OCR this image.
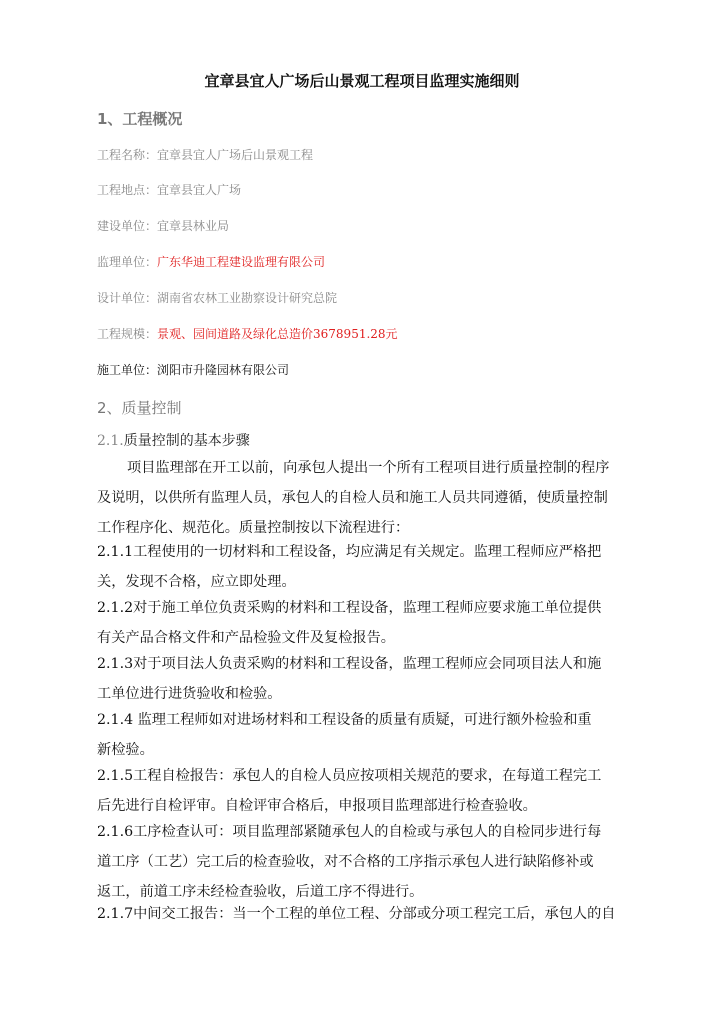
宜章县宜人广场后山景观工程项目监理实施细则
1、工程概况
工程名称：宜章县宜人广场后山景观工程
工程地点：宜章县宜人广场
建设单位：宜章县林业局
监理单位：广东华迪工程建设监理有限公司
设计单位：湖南省农林工业勘察设计研究总院
工程规模：景观、园间道路及绿化总造价3678951.28元
施工单位：浏阳市升隆园林有限公司
2、质量控制
2.1.质量控制的基本步骤
项目监理部在开工以前，向承包人提出一个所有工程项目进行质量控制的程序
及说明，以供所有监理人员，承包人的自检人员和施工人员共同遵循，使质量控制
工作程序化、规范化。质量控制按以下流程进行：
2.1.1工程使用的一切材料和工程设备，均应满足有关规定。监理工程师应严格把
关，发现不合格，应立即处理。
2.1.2对于施工单位负责采购的材料和工程设备，监理工程师应要求施工单位提供
有关产品合格文件和产品检验文件及复检报告。
2.1.3对于项目法人负责采购的材料和工程设备，监理工程师应会同项目法人和施
工单位进行进货验收和检验。
2.1.4 监理工程师如对进场材料和工程设备的质量有质疑，可进行额外检验和重
新检验。
2.1.5工程自检报告：承包人的自检人员应按项相关规范的要求，在每道工程完工
后先进行自检评审。自检评审合格后，申报项目监理部进行检查验收。
2.1.6工序检查认可：项目监理部紧随承包人的自检或与承包人的自检同步进行每
道工序（工艺）完工后的检查验收，对不合格的工序指示承包人进行缺陷修补或
返工，前道工序未经检查验收，后道工序不得进行。
2.1.7中间交工报告：当一个工程的单位工程、分部或分项工程完工后，承包人的自
